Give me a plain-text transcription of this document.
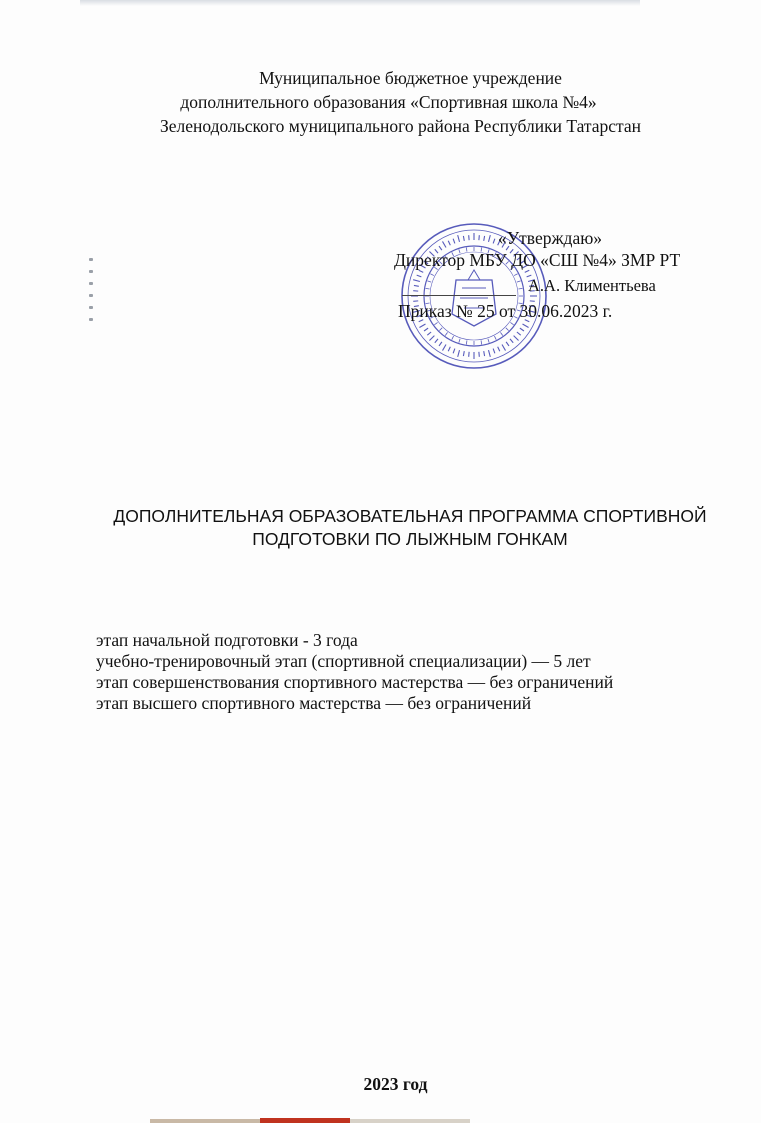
Муниципальное бюджетное учреждение
дополнительного образования «Спортивная школа №4»
Зеленодольского муниципального района Республики Татарстан
«Утверждаю»
Директор МБУ ДО «СШ №4» ЗМР РТ
А.А. Климентьева
Приказ № 25 от 30.06.2023 г.
ДОПОЛНИТЕЛЬНАЯ ОБРАЗОВАТЕЛЬНАЯ ПРОГРАММА СПОРТИВНОЙ
ПОДГОТОВКИ ПО ЛЫЖНЫМ ГОНКАМ
этап начальной подготовки - 3 года
учебно-тренировочный этап (спортивной специализации) — 5 лет
этап совершенствования спортивного мастерства — без ограничений
этап высшего спортивного мастерства — без ограничений
2023 год
